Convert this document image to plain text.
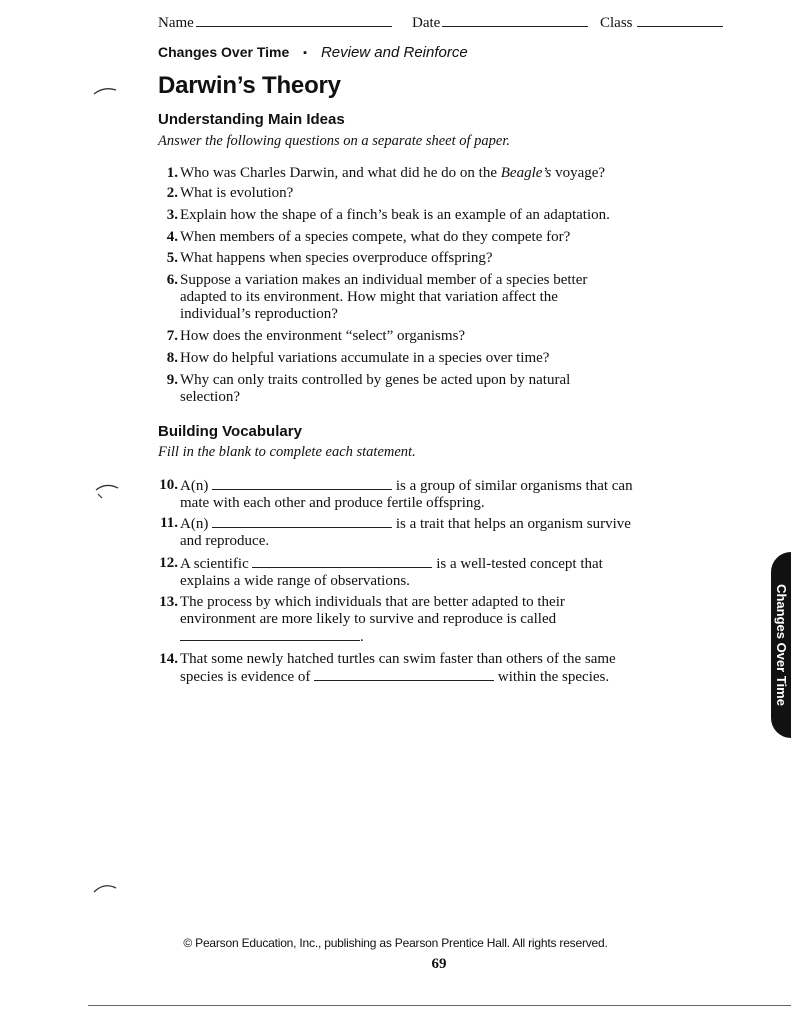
Name	Date	Class
Changes Over Time ▪ Review and Reinforce
Darwin’s Theory
Understanding Main Ideas
Answer the following questions on a separate sheet of paper.
1. Who was Charles Darwin, and what did he do on the Beagle’s voyage?
2. What is evolution?
3. Explain how the shape of a finch’s beak is an example of an adaptation.
4. When members of a species compete, what do they compete for?
5. What happens when species overproduce offspring?
6. Suppose a variation makes an individual member of a species better adapted to its environment. How might that variation affect the individual’s reproduction?
7. How does the environment “select” organisms?
8. How do helpful variations accumulate in a species over time?
9. Why can only traits controlled by genes be acted upon by natural selection?
Building Vocabulary
Fill in the blank to complete each statement.
10. A(n)	is a group of similar organisms that can mate with each other and produce fertile offspring.
11. A(n)	is a trait that helps an organism survive and reproduce.
12. A scientific	is a well-tested concept that explains a wide range of observations.
13. The process by which individuals that are better adapted to their environment are more likely to survive and reproduce is called .
14. That some newly hatched turtles can swim faster than others of the same species is evidence of	within the species.	Changes Over Time
© Pearson Education, Inc., publishing as Pearson Prentice Hall. All rights reserved.
69
